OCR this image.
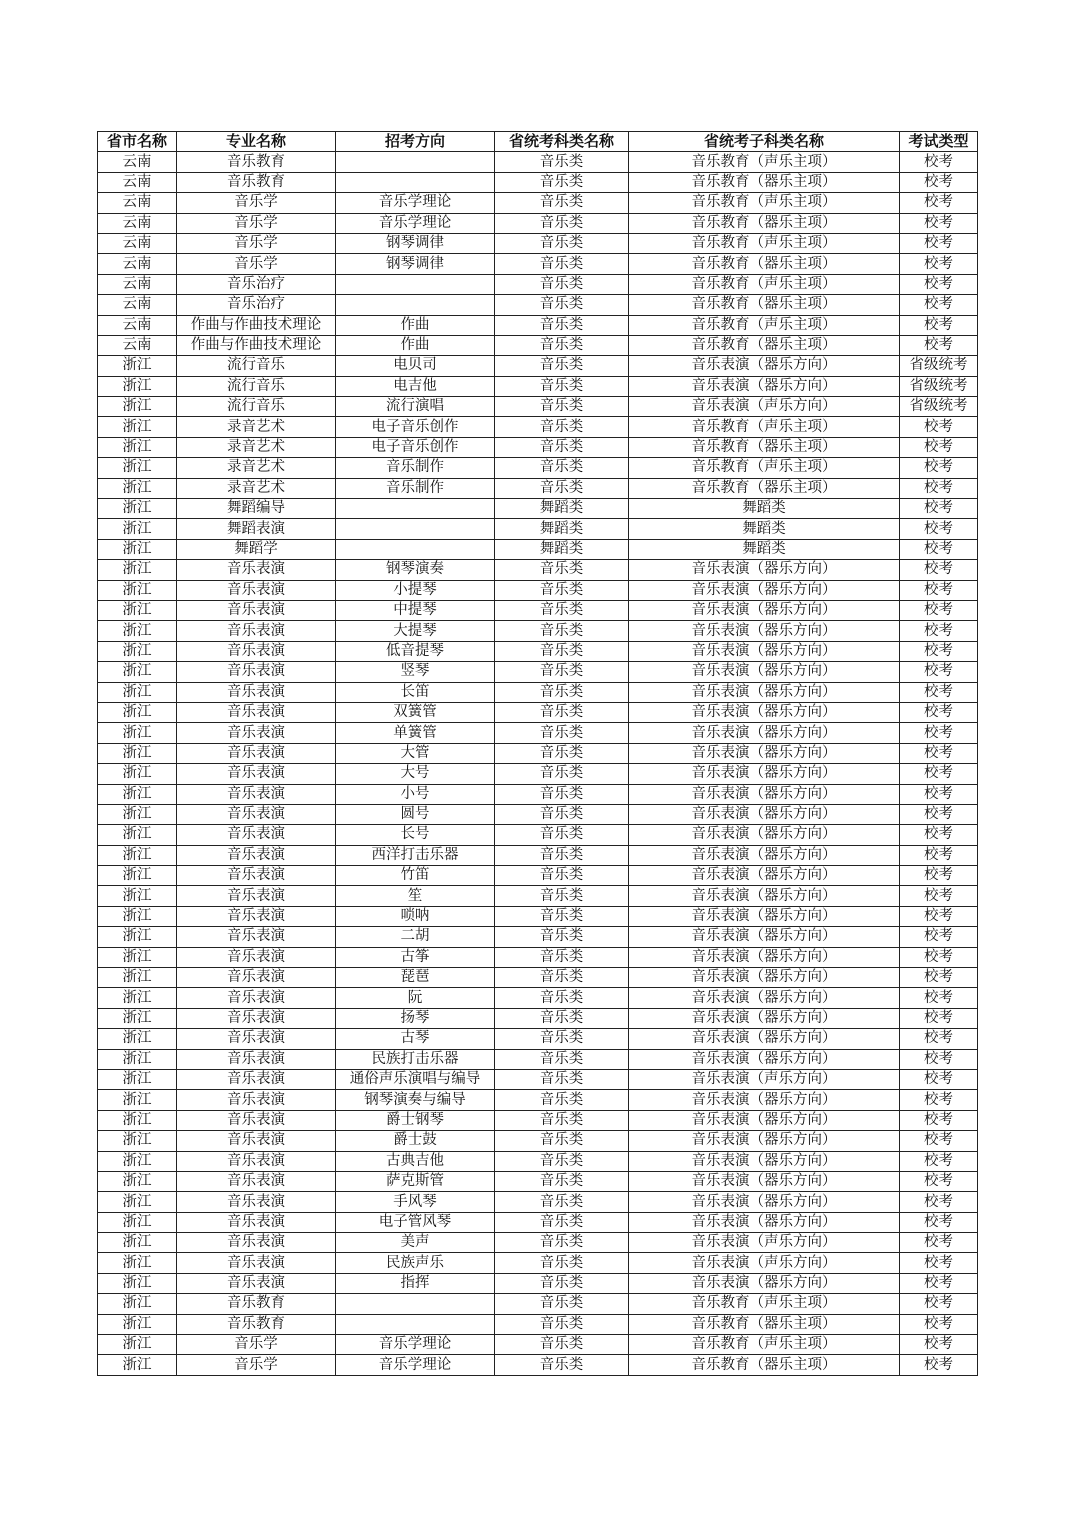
省市名称	专业名称	招考方向	省统考科类名称	省统考子科类名称	考试类型
云南	音乐教育		音乐类	音乐教育（声乐主项）	校考
云南	音乐教育		音乐类	音乐教育（器乐主项）	校考
云南	音乐学	音乐学理论	音乐类	音乐教育（声乐主项）	校考
云南	音乐学	音乐学理论	音乐类	音乐教育（器乐主项）	校考
云南	音乐学	钢琴调律	音乐类	音乐教育（声乐主项）	校考
云南	音乐学	钢琴调律	音乐类	音乐教育（器乐主项）	校考
云南	音乐治疗		音乐类	音乐教育（声乐主项）	校考
云南	音乐治疗		音乐类	音乐教育（器乐主项）	校考
云南	作曲与作曲技术理论	作曲	音乐类	音乐教育（声乐主项）	校考
云南	作曲与作曲技术理论	作曲	音乐类	音乐教育（器乐主项）	校考
浙江	流行音乐	电贝司	音乐类	音乐表演（器乐方向）	省级统考
浙江	流行音乐	电吉他	音乐类	音乐表演（器乐方向）	省级统考
浙江	流行音乐	流行演唱	音乐类	音乐表演（声乐方向）	省级统考
浙江	录音艺术	电子音乐创作	音乐类	音乐教育（声乐主项）	校考
浙江	录音艺术	电子音乐创作	音乐类	音乐教育（器乐主项）	校考
浙江	录音艺术	音乐制作	音乐类	音乐教育（声乐主项）	校考
浙江	录音艺术	音乐制作	音乐类	音乐教育（器乐主项）	校考
浙江	舞蹈编导		舞蹈类	舞蹈类	校考
浙江	舞蹈表演		舞蹈类	舞蹈类	校考
浙江	舞蹈学		舞蹈类	舞蹈类	校考
浙江	音乐表演	钢琴演奏	音乐类	音乐表演（器乐方向）	校考
浙江	音乐表演	小提琴	音乐类	音乐表演（器乐方向）	校考
浙江	音乐表演	中提琴	音乐类	音乐表演（器乐方向）	校考
浙江	音乐表演	大提琴	音乐类	音乐表演（器乐方向）	校考
浙江	音乐表演	低音提琴	音乐类	音乐表演（器乐方向）	校考
浙江	音乐表演	竖琴	音乐类	音乐表演（器乐方向）	校考
浙江	音乐表演	长笛	音乐类	音乐表演（器乐方向）	校考
浙江	音乐表演	双簧管	音乐类	音乐表演（器乐方向）	校考
浙江	音乐表演	单簧管	音乐类	音乐表演（器乐方向）	校考
浙江	音乐表演	大管	音乐类	音乐表演（器乐方向）	校考
浙江	音乐表演	大号	音乐类	音乐表演（器乐方向）	校考
浙江	音乐表演	小号	音乐类	音乐表演（器乐方向）	校考
浙江	音乐表演	圆号	音乐类	音乐表演（器乐方向）	校考
浙江	音乐表演	长号	音乐类	音乐表演（器乐方向）	校考
浙江	音乐表演	西洋打击乐器	音乐类	音乐表演（器乐方向）	校考
浙江	音乐表演	竹笛	音乐类	音乐表演（器乐方向）	校考
浙江	音乐表演	笙	音乐类	音乐表演（器乐方向）	校考
浙江	音乐表演	唢呐	音乐类	音乐表演（器乐方向）	校考
浙江	音乐表演	二胡	音乐类	音乐表演（器乐方向）	校考
浙江	音乐表演	古筝	音乐类	音乐表演（器乐方向）	校考
浙江	音乐表演	琵琶	音乐类	音乐表演（器乐方向）	校考
浙江	音乐表演	阮	音乐类	音乐表演（器乐方向）	校考
浙江	音乐表演	扬琴	音乐类	音乐表演（器乐方向）	校考
浙江	音乐表演	古琴	音乐类	音乐表演（器乐方向）	校考
浙江	音乐表演	民族打击乐器	音乐类	音乐表演（器乐方向）	校考
浙江	音乐表演	通俗声乐演唱与编导	音乐类	音乐表演（声乐方向）	校考
浙江	音乐表演	钢琴演奏与编导	音乐类	音乐表演（器乐方向）	校考
浙江	音乐表演	爵士钢琴	音乐类	音乐表演（器乐方向）	校考
浙江	音乐表演	爵士鼓	音乐类	音乐表演（器乐方向）	校考
浙江	音乐表演	古典吉他	音乐类	音乐表演（器乐方向）	校考
浙江	音乐表演	萨克斯管	音乐类	音乐表演（器乐方向）	校考
浙江	音乐表演	手风琴	音乐类	音乐表演（器乐方向）	校考
浙江	音乐表演	电子管风琴	音乐类	音乐表演（器乐方向）	校考
浙江	音乐表演	美声	音乐类	音乐表演（声乐方向）	校考
浙江	音乐表演	民族声乐	音乐类	音乐表演（声乐方向）	校考
浙江	音乐表演	指挥	音乐类	音乐表演（器乐方向）	校考
浙江	音乐教育		音乐类	音乐教育（声乐主项）	校考
浙江	音乐教育		音乐类	音乐教育（器乐主项）	校考
浙江	音乐学	音乐学理论	音乐类	音乐教育（声乐主项）	校考
浙江	音乐学	音乐学理论	音乐类	音乐教育（器乐主项）	校考
